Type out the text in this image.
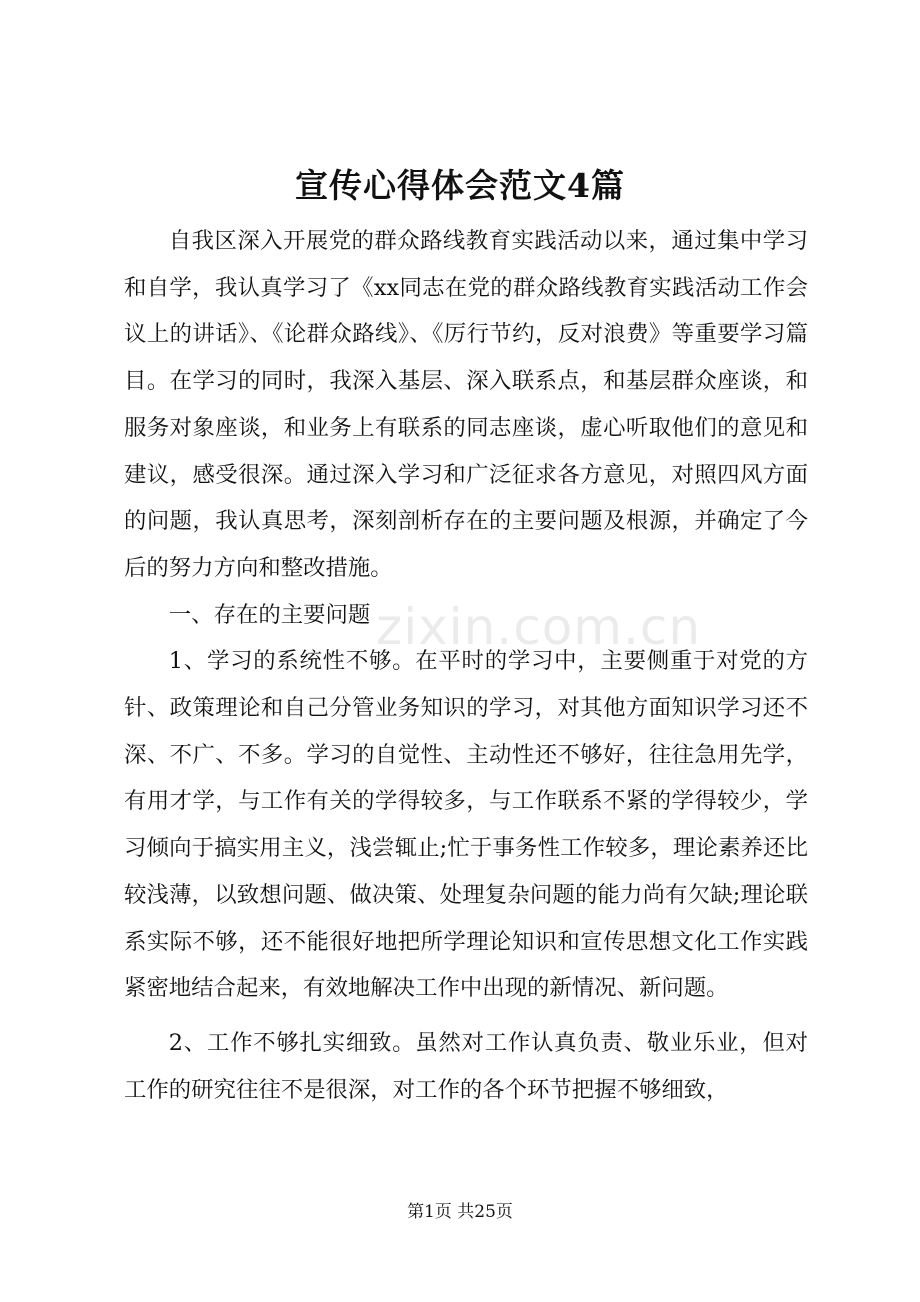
宣传心得体会范文4篇

自我区深入开展党的群众路线教育实践活动以来，通过集中学习和自学，我认真学习了《xx同志在党的群众路线教育实践活动工作会议上的讲话》、《论群众路线》、《厉行节约，反对浪费》等重要学习篇目。在学习的同时，我深入基层、深入联系点，和基层群众座谈，和服务对象座谈，和业务上有联系的同志座谈，虚心听取他们的意见和建议，感受很深。通过深入学习和广泛征求各方意见，对照四风方面的问题，我认真思考，深刻剖析存在的主要问题及根源，并确定了今后的努力方向和整改措施。

一、存在的主要问题

1、学习的系统性不够。在平时的学习中，主要侧重于对党的方针、政策理论和自己分管业务知识的学习，对其他方面知识学习还不深、不广、不多。学习的自觉性、主动性还不够好，往往急用先学，有用才学，与工作有关的学得较多，与工作联系不紧的学得较少，学习倾向于搞实用主义，浅尝辄止;忙于事务性工作较多，理论素养还比较浅薄，以致想问题、做决策、处理复杂问题的能力尚有欠缺;理论联系实际不够，还不能很好地把所学理论知识和宣传思想文化工作实践紧密地结合起来，有效地解决工作中出现的新情况、新问题。

2、工作不够扎实细致。虽然对工作认真负责、敬业乐业，但对工作的研究往往不是很深，对工作的各个环节把握不够细致，

zixin.com.cn
第1页 共25页
